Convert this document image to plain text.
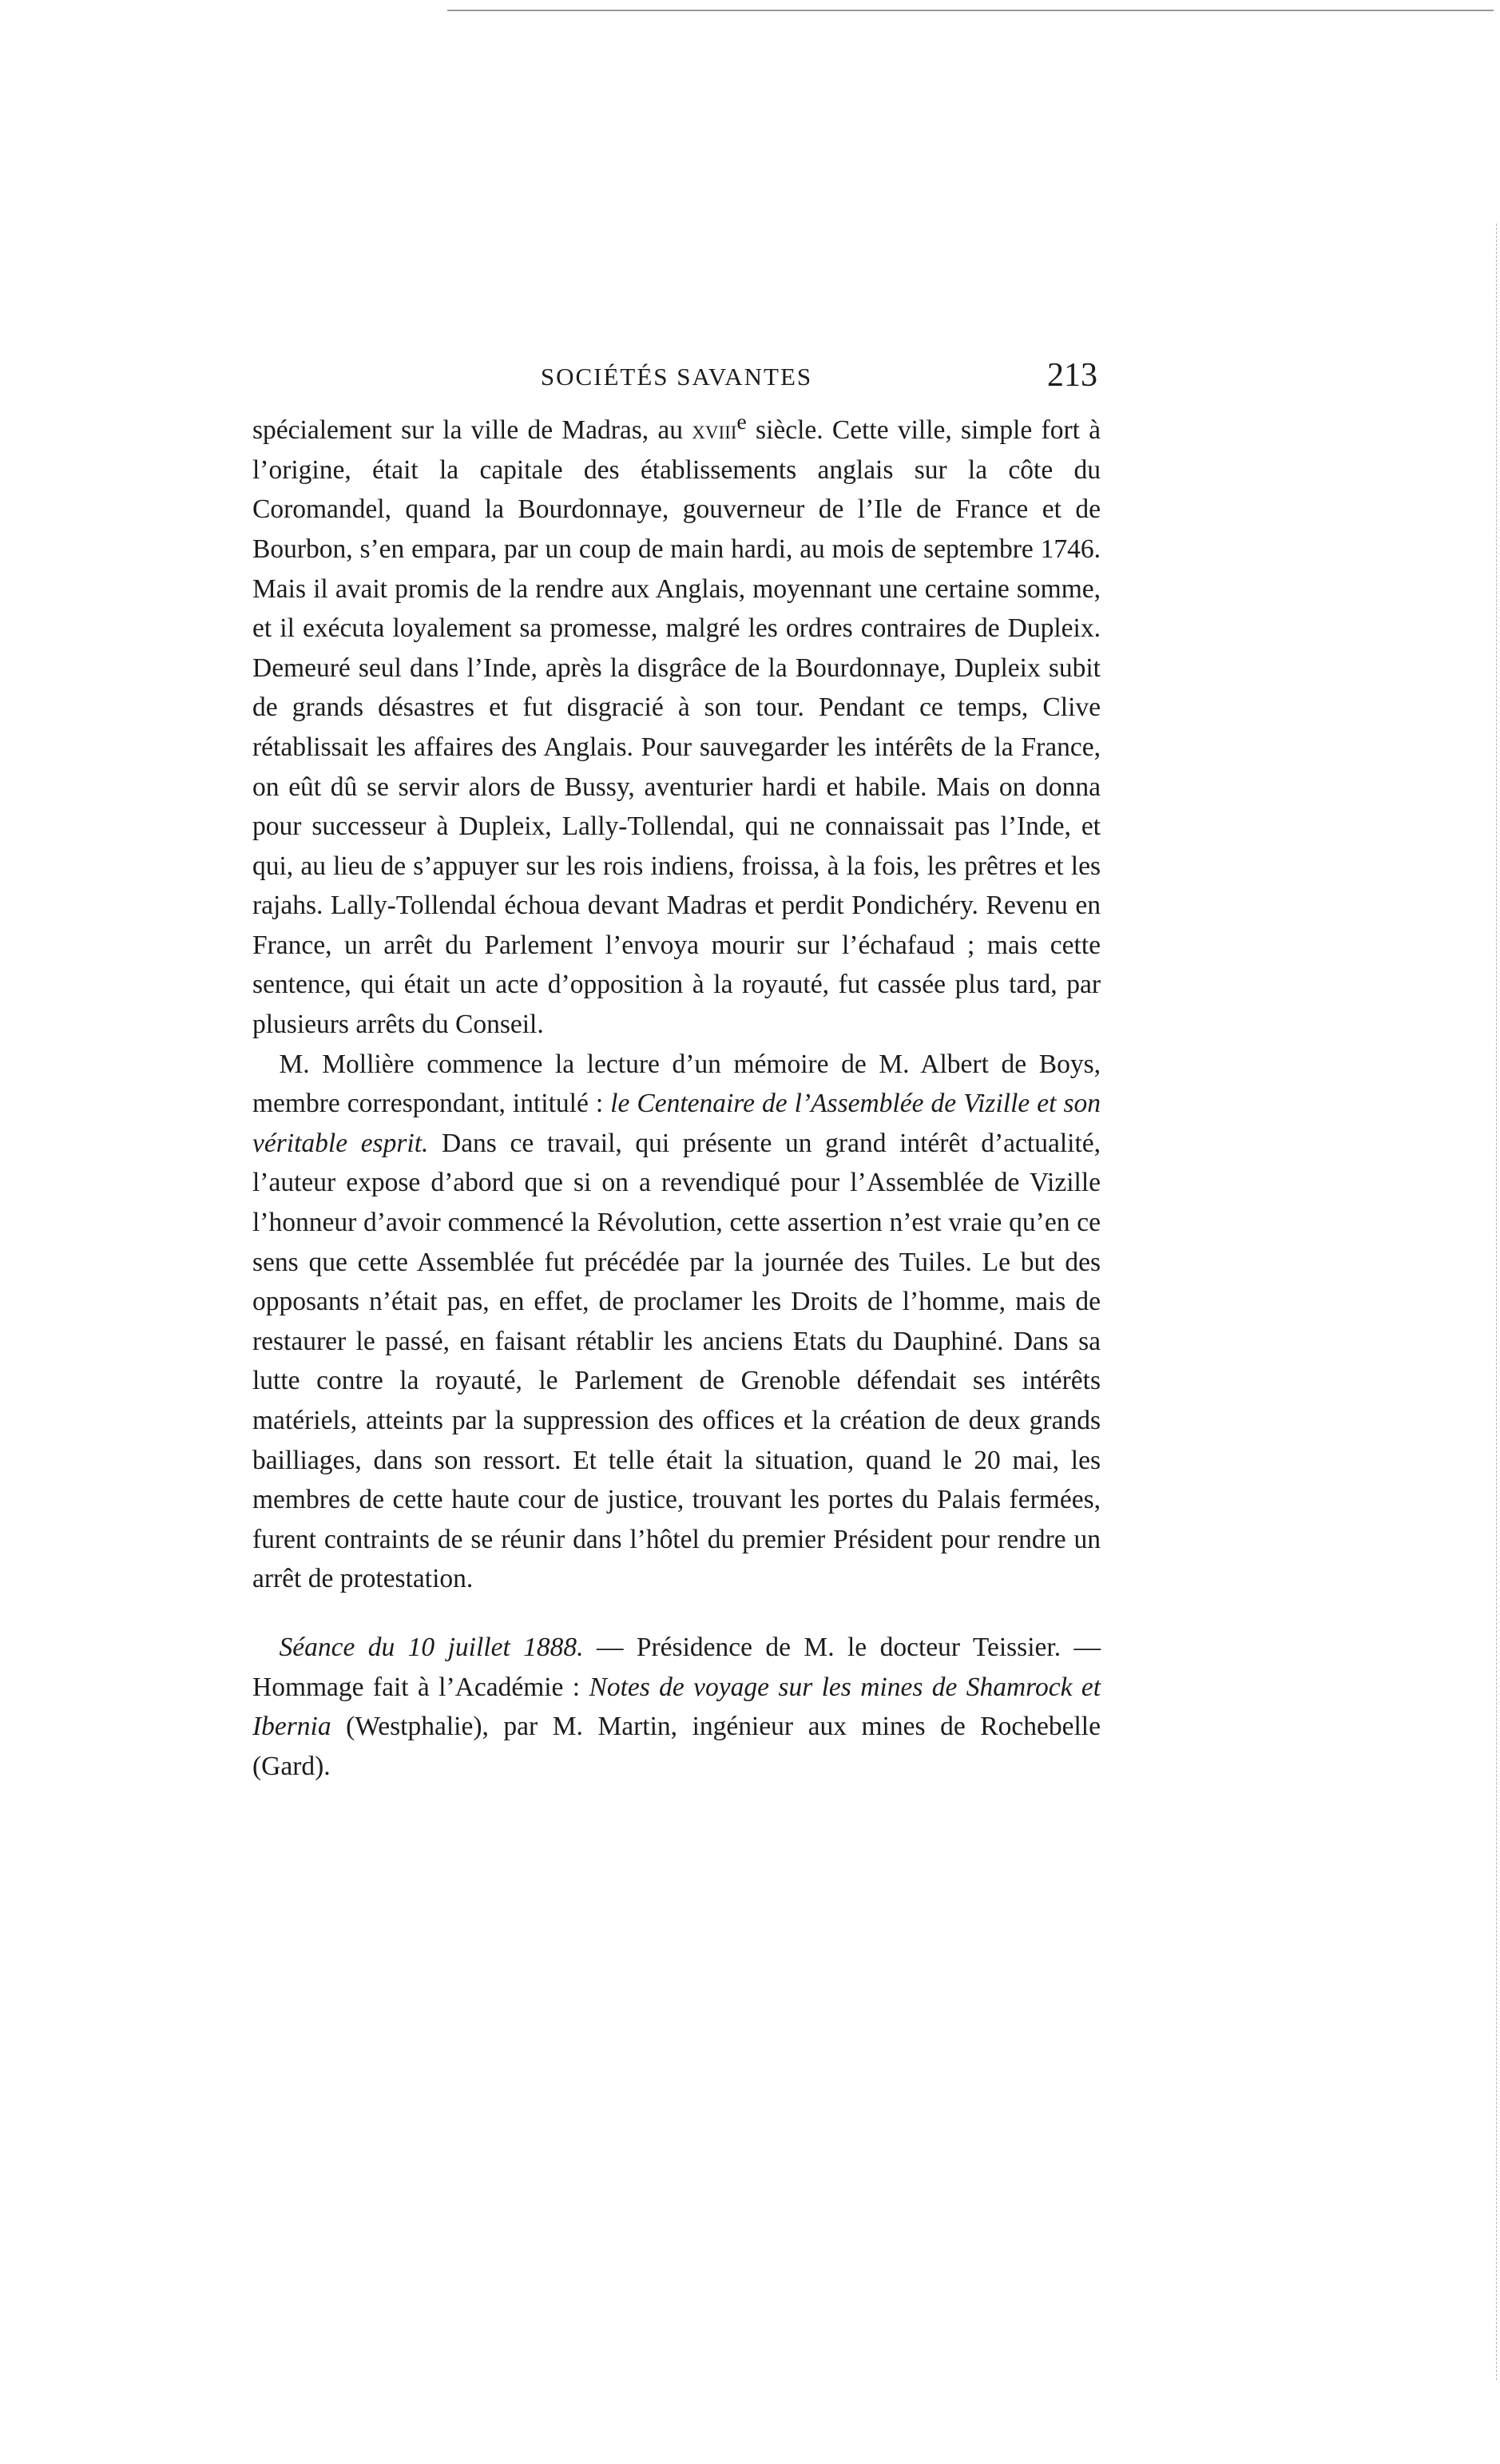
SOCIÉTÉS SAVANTES	213

spécialement sur la ville de Madras, au xviii$^e$ siècle. Cette ville, simple fort à l’origine, était la capitale des établissements anglais sur la côte du Coromandel, quand la Bourdonnaye, gouverneur de l’Ile de France et de Bourbon, s’en empara, par un coup de main hardi, au mois de septembre 1746. Mais il avait promis de la rendre aux Anglais, moyennant une certaine somme, et il exécuta loyalement sa promesse, malgré les ordres contraires de Dupleix. Demeuré seul dans l’Inde, après la disgrâce de la Bourdonnaye, Dupleix subit de grands désastres et fut disgracié à son tour. Pendant ce temps, Clive rétablissait les affaires des Anglais. Pour sauvegarder les intérêts de la France, on eût dû se servir alors de Bussy, aventurier hardi et habile. Mais on donna pour successeur à Dupleix, Lally-Tollendal, qui ne connaissait pas l’Inde, et qui, au lieu de s’appuyer sur les rois indiens, froissa, à la fois, les prêtres et les rajahs. Lally-Tollendal échoua devant Madras et perdit Pondichéry. Revenu en France, un arrêt du Parlement l’envoya mourir sur l’échafaud ; mais cette sentence, qui était un acte d’opposition à la royauté, fut cassée plus tard, par plusieurs arrêts du Conseil.

M. Mollière commence la lecture d’un mémoire de M. Albert de Boys, membre correspondant, intitulé : le Centenaire de l’Assemblée de Vizille et son véritable esprit. Dans ce travail, qui présente un grand intérêt d’actualité, l’auteur expose d’abord que si on a revendiqué pour l’Assemblée de Vizille l’honneur d’avoir commencé la Révolution, cette assertion n’est vraie qu’en ce sens que cette Assemblée fut précédée par la journée des Tuiles. Le but des opposants n’était pas, en effet, de proclamer les Droits de l’homme, mais de restaurer le passé, en faisant rétablir les anciens Etats du Dauphiné. Dans sa lutte contre la royauté, le Parlement de Grenoble défendait ses intérêts matériels, atteints par la suppression des offices et la création de deux grands bailliages, dans son ressort. Et telle était la situation, quand le 20 mai, les membres de cette haute cour de justice, trouvant les portes du Palais fermées, furent contraints de se réunir dans l’hôtel du premier Président pour rendre un arrêt de protestation.

Séance du 10 juillet 1888. — Présidence de M. le docteur Teissier. — Hommage fait à l’Académie : Notes de voyage sur les mines de Shamrock et Ibernia (Westphalie), par M. Martin, ingénieur aux mines de Rochebelle (Gard).
